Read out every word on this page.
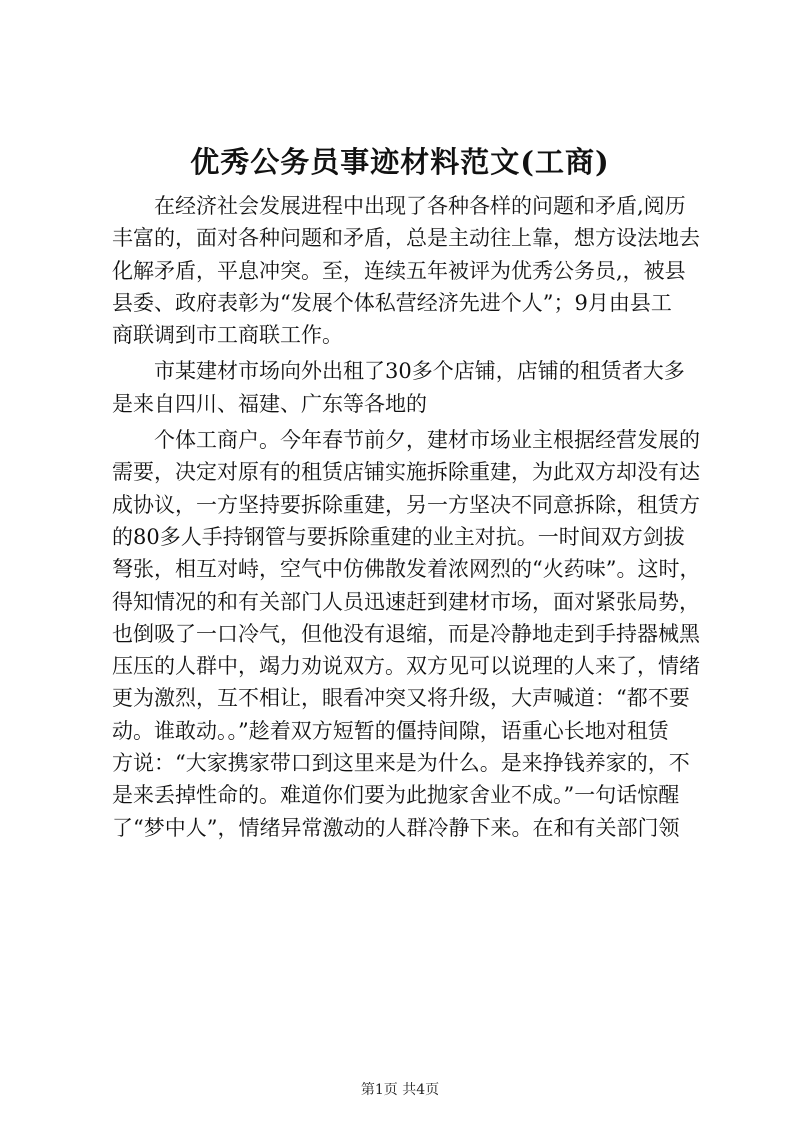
优秀公务员事迹材料范文(工商)

　　在经济社会发展进程中出现了各种各样的问题和矛盾,阅历
丰富的，面对各种问题和矛盾，总是主动往上靠，想方设法地去
化解矛盾，平息冲突。至，连续五年被评为优秀公务员,，被县
县委、政府表彰为“发展个体私营经济先进个人”；9月由县工
商联调到市工商联工作。

　　市某建材市场向外出租了30多个店铺，店铺的租赁者大多
是来自四川、福建、广东等各地的

　　个体工商户。今年春节前夕，建材市场业主根据经营发展的
需要，决定对原有的租赁店铺实施拆除重建，为此双方却没有达
成协议，一方坚持要拆除重建，另一方坚决不同意拆除，租赁方
的80多人手持钢管与要拆除重建的业主对抗。一时间双方剑拔
弩张，相互对峙，空气中仿佛散发着浓网烈的“火药味”。这时，
得知情况的和有关部门人员迅速赶到建材市场，面对紧张局势，
也倒吸了一口冷气，但他没有退缩，而是冷静地走到手持器械黑
压压的人群中，竭力劝说双方。双方见可以说理的人来了，情绪
更为激烈，互不相让，眼看冲突又将升级，大声喊道：“都不要
动。谁敢动。。”趁着双方短暂的僵持间隙，语重心长地对租赁
方说：“大家携家带口到这里来是为什么。是来挣钱养家的，不
是来丢掉性命的。难道你们要为此抛家舍业不成。”一句话惊醒
了“梦中人”，情绪异常激动的人群冷静下来。在和有关部门领

第1页 共4页
